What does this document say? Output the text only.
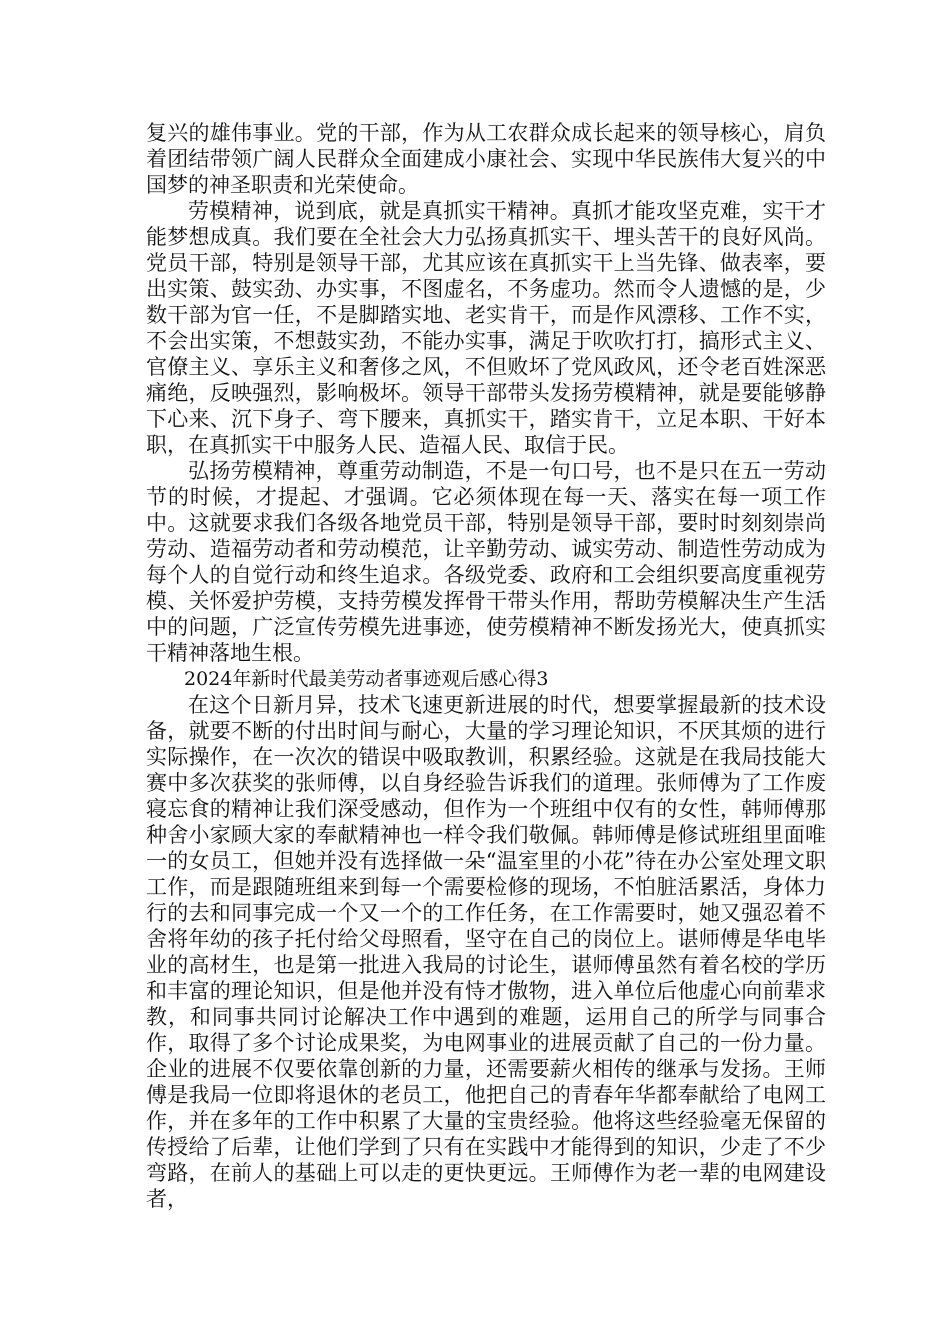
复兴的雄伟事业。党的干部，作为从工农群众成长起来的领导核心，肩负着团结带领广阔人民群众全面建成小康社会、实现中华民族伟大复兴的中国梦的神圣职责和光荣使命。

劳模精神，说到底，就是真抓实干精神。真抓才能攻坚克难，实干才能梦想成真。我们要在全社会大力弘扬真抓实干、埋头苦干的良好风尚。党员干部，特别是领导干部，尤其应该在真抓实干上当先锋、做表率，要出实策、鼓实劲、办实事，不图虚名，不务虚功。然而令人遗憾的是，少数干部为官一任，不是脚踏实地、老实肯干，而是作风漂移、工作不实，不会出实策，不想鼓实劲，不能办实事，满足于吹吹打打，搞形式主义、官僚主义、享乐主义和奢侈之风，不但败坏了党风政风，还令老百姓深恶痛绝，反映强烈，影响极坏。领导干部带头发扬劳模精神，就是要能够静下心来、沉下身子、弯下腰来，真抓实干，踏实肯干，立足本职、干好本职，在真抓实干中服务人民、造福人民、取信于民。

弘扬劳模精神，尊重劳动制造，不是一句口号，也不是只在五一劳动节的时候，才提起、才强调。它必须体现在每一天、落实在每一项工作中。这就要求我们各级各地党员干部，特别是领导干部，要时时刻刻崇尚劳动、造福劳动者和劳动模范，让辛勤劳动、诚实劳动、制造性劳动成为每个人的自觉行动和终生追求。各级党委、政府和工会组织要高度重视劳模、关怀爱护劳模，支持劳模发挥骨干带头作用，帮助劳模解决生产生活中的问题，广泛宣传劳模先进事迹，使劳模精神不断发扬光大，使真抓实干精神落地生根。

2024年新时代最美劳动者事迹观后感心得3

在这个日新月异，技术飞速更新进展的时代，想要掌握最新的技术设备，就要不断的付出时间与耐心，大量的学习理论知识，不厌其烦的进行实际操作，在一次次的错误中吸取教训，积累经验。这就是在我局技能大赛中多次获奖的张师傅，以自身经验告诉我们的道理。张师傅为了工作废寝忘食的精神让我们深受感动，但作为一个班组中仅有的女性，韩师傅那种舍小家顾大家的奉献精神也一样令我们敬佩。韩师傅是修试班组里面唯一的女员工，但她并没有选择做一朵“温室里的小花”待在办公室处理文职工作，而是跟随班组来到每一个需要检修的现场，不怕脏活累活，身体力行的去和同事完成一个又一个的工作任务，在工作需要时，她又强忍着不舍将年幼的孩子托付给父母照看，坚守在自己的岗位上。谌师傅是华电毕业的高材生，也是第一批进入我局的讨论生，谌师傅虽然有着名校的学历和丰富的理论知识，但是他并没有恃才傲物，进入单位后他虚心向前辈求教，和同事共同讨论解决工作中遇到的难题，运用自己的所学与同事合作，取得了多个讨论成果奖，为电网事业的进展贡献了自己的一份力量。企业的进展不仅要依靠创新的力量，还需要薪火相传的继承与发扬。王师傅是我局一位即将退休的老员工，他把自己的青春年华都奉献给了电网工作，并在多年的工作中积累了大量的宝贵经验。他将这些经验毫无保留的传授给了后辈，让他们学到了只有在实践中才能得到的知识，少走了不少弯路，在前人的基础上可以走的更快更远。王师傅作为老一辈的电网建设者，
